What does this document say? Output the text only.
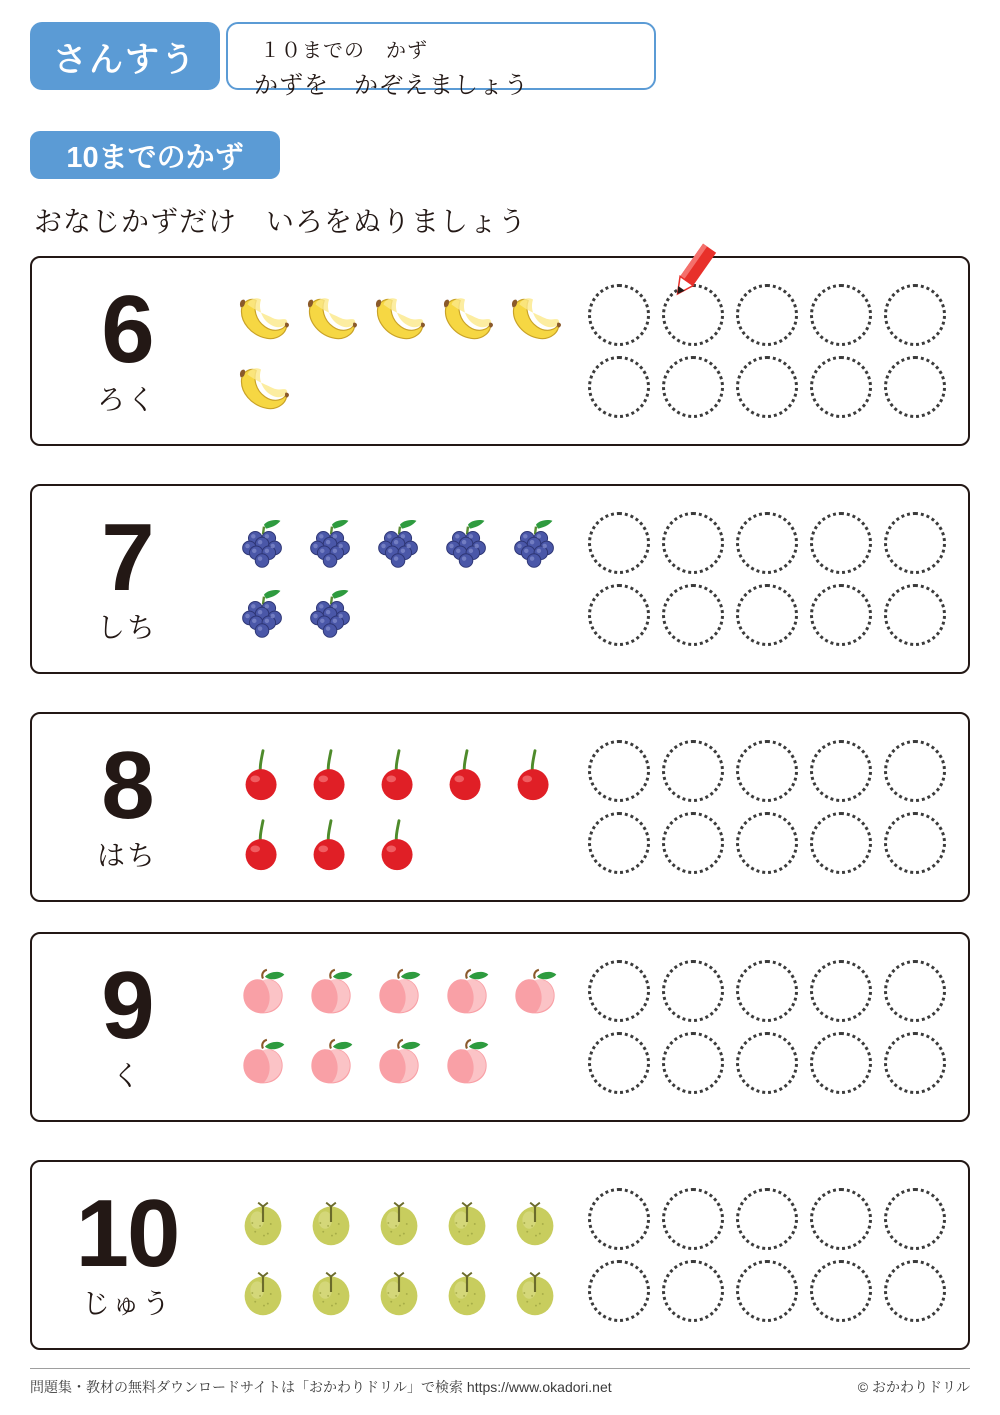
さんすう	１０までの　かず
かずを　かぞえましょう
10までのかず
おなじかずだけ　いろをぬりましょう
6
ろく
7
しち
8
はち
9
く
10
じゅう
問題集・教材の無料ダウンロードサイトは「おかわりドリル」で検索 https://www.okadori.net	© おかわりドリル
